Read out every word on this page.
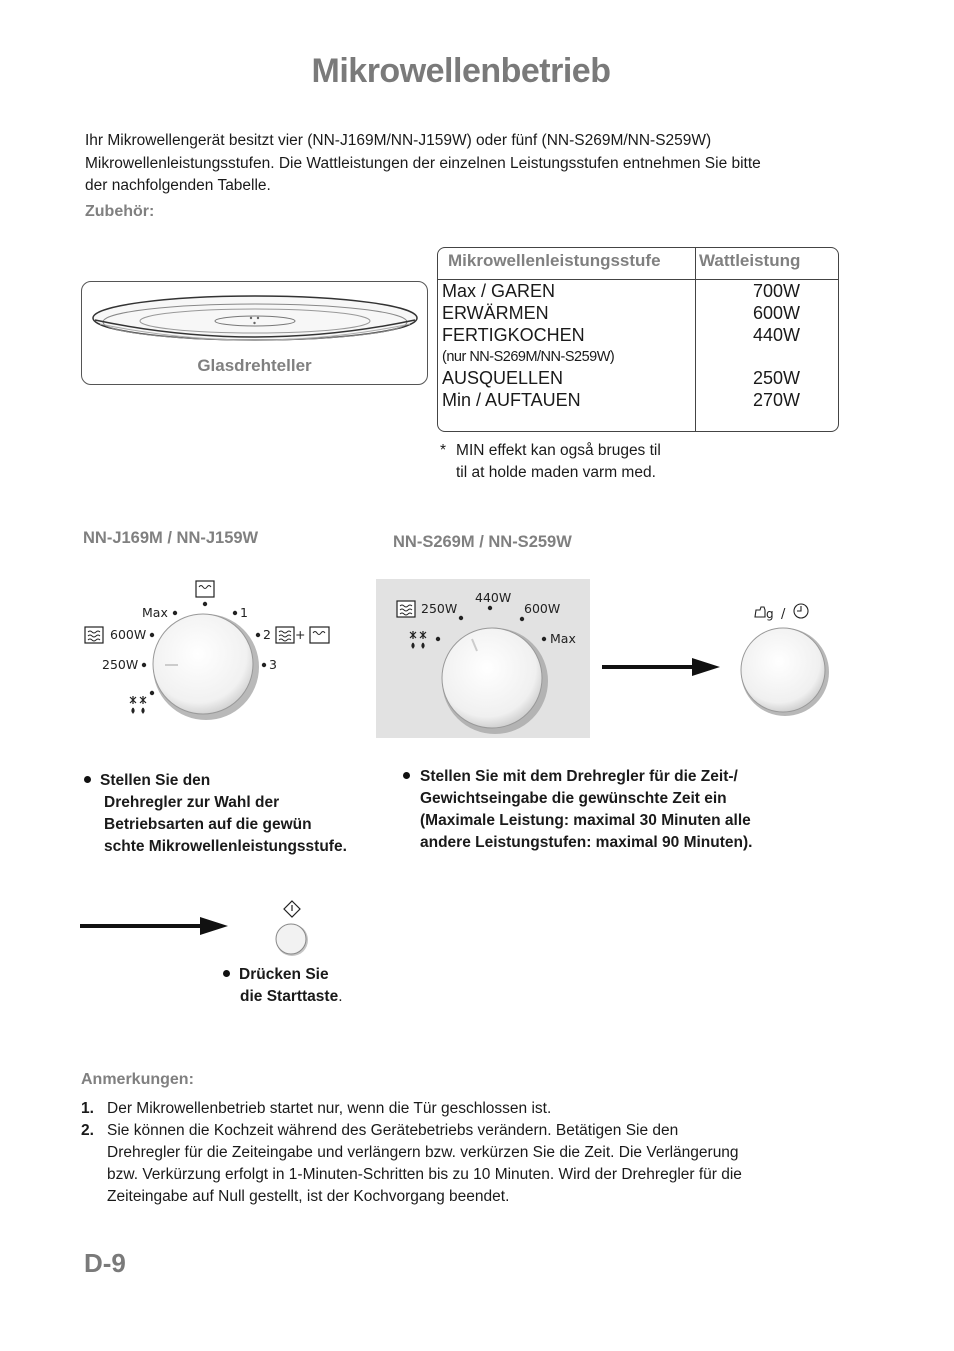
Mikrowellenbetrieb
Ihr Mikrowellengerät besitzt vier (NN-J169M/NN-J159W) oder fünf (NN-S269M/NN-S259W)
Mikrowellenleistungsstufen. Die Wattleistungen der einzelnen Leistungsstufen entnehmen Sie bitte
der nachfolgenden Tabelle.
Zubehör:
Glasdrehteller
Mikrowellenleistungsstufe Wattleistung
Max / GAREN	700W
ERWÄRMEN	600W
FERTIGKOCHEN	440W
(nur NN-S269M/NN-S259W)
AUSQUELLEN	250W
Min / AUFTAUEN	270W
* MIN effekt kan også bruges til
til at holde maden varm med.
NN-J169M / NN-J159W	NN-S269M / NN-S259W
Max	1
600W	2 +
250W	3
250W
440W
600W
Max
g /
Stellen Sie den
Drehregler zur Wahl der
Betriebsarten auf die gewün
schte Mikrowellenleistungsstufe.
Stellen Sie mit dem Drehregler für die Zeit-/
Gewichtseingabe die gewünschte Zeit ein
(Maximale Leistung: maximal 30 Minuten alle
andere Leistungstufen: maximal 90 Minuten).
Drücken Sie
die Starttaste.
Anmerkungen:
1. Der Mikrowellenbetrieb startet nur, wenn die Tür geschlossen ist.
2. Sie können die Kochzeit während des Gerätebetriebs verändern. Betätigen Sie den
Drehregler für die Zeiteingabe und verlängern bzw. verkürzen Sie die Zeit. Die Verlängerung
bzw. Verkürzung erfolgt in 1-Minuten-Schritten bis zu 10 Minuten. Wird der Drehregler für die
Zeiteingabe auf Null gestellt, ist der Kochvorgang beendet.
D-9
